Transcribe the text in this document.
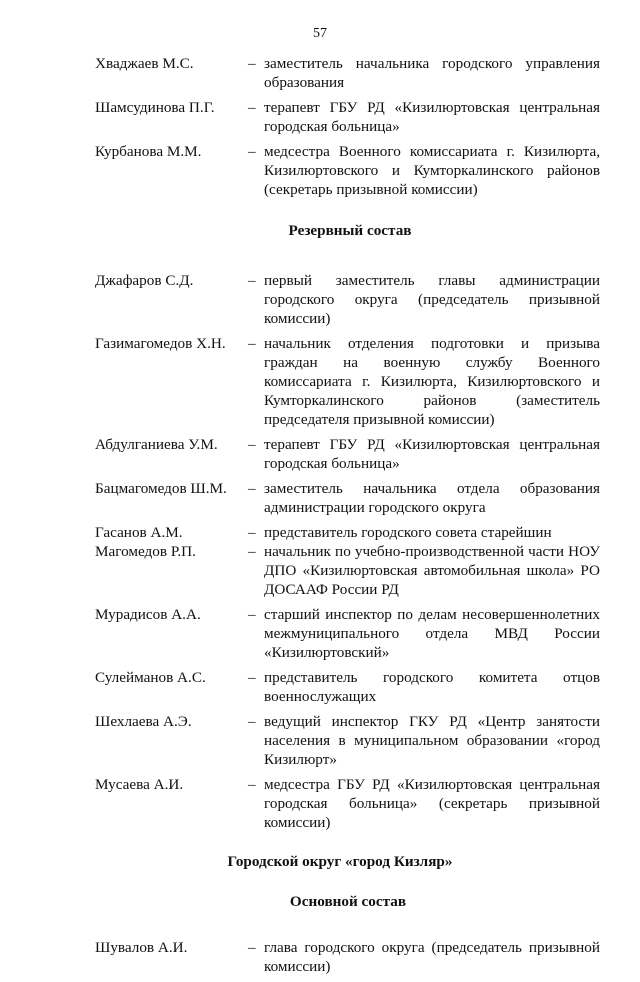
57
Хваджаев М.С.	– заместитель начальника городского управления образования
Шамсудинова П.Г. – терапевт ГБУ РД «Кизилюртовская центральная городская больница»
Курбанова М.М.	– медсестра Военного комиссариата г. Кизилюрта, Кизилюртовского и Кумторкалинского районов (секретарь призывной комиссии)
Резервный состав
Джафаров С.Д.	– первый заместитель главы администрации городского округа (председатель призывной комиссии)
Газимагомедов Х.Н. – начальник отделения подготовки и призыва граждан на военную службу Военного комиссариата г. Кизилюрта, Кизилюртовского и Кумторкалинского районов (заместитель председателя призывной комиссии)
Абдулганиева У.М. – терапевт ГБУ РД «Кизилюртовская центральная городская больница»
Бацмагомедов Ш.М. – заместитель начальника отдела образования администрации городского округа
Гасанов А.М.	– представитель городского совета старейшин
Магомедов Р.П.	– начальник по учебно-производственной части НОУ ДПО «Кизилюртовская автомобильная школа» РО ДОСААФ России РД
Мурадисов А.А.	– старший инспектор по делам несовершеннолетних межмуниципального отдела МВД России «Кизилюртовский»
Сулейманов А.С.	– представитель городского комитета отцов военнослужащих
Шехлаева А.Э.	– ведущий инспектор ГКУ РД «Центр занятости населения в муниципальном образовании «город Кизилюрт»
Мусаева А.И.	– медсестра ГБУ РД «Кизилюртовская центральная городская больница» (секретарь призывной комиссии)
Городской округ «город Кизляр»
Основной состав
Шувалов А.И.	– глава городского округа (председатель призывной комиссии)
